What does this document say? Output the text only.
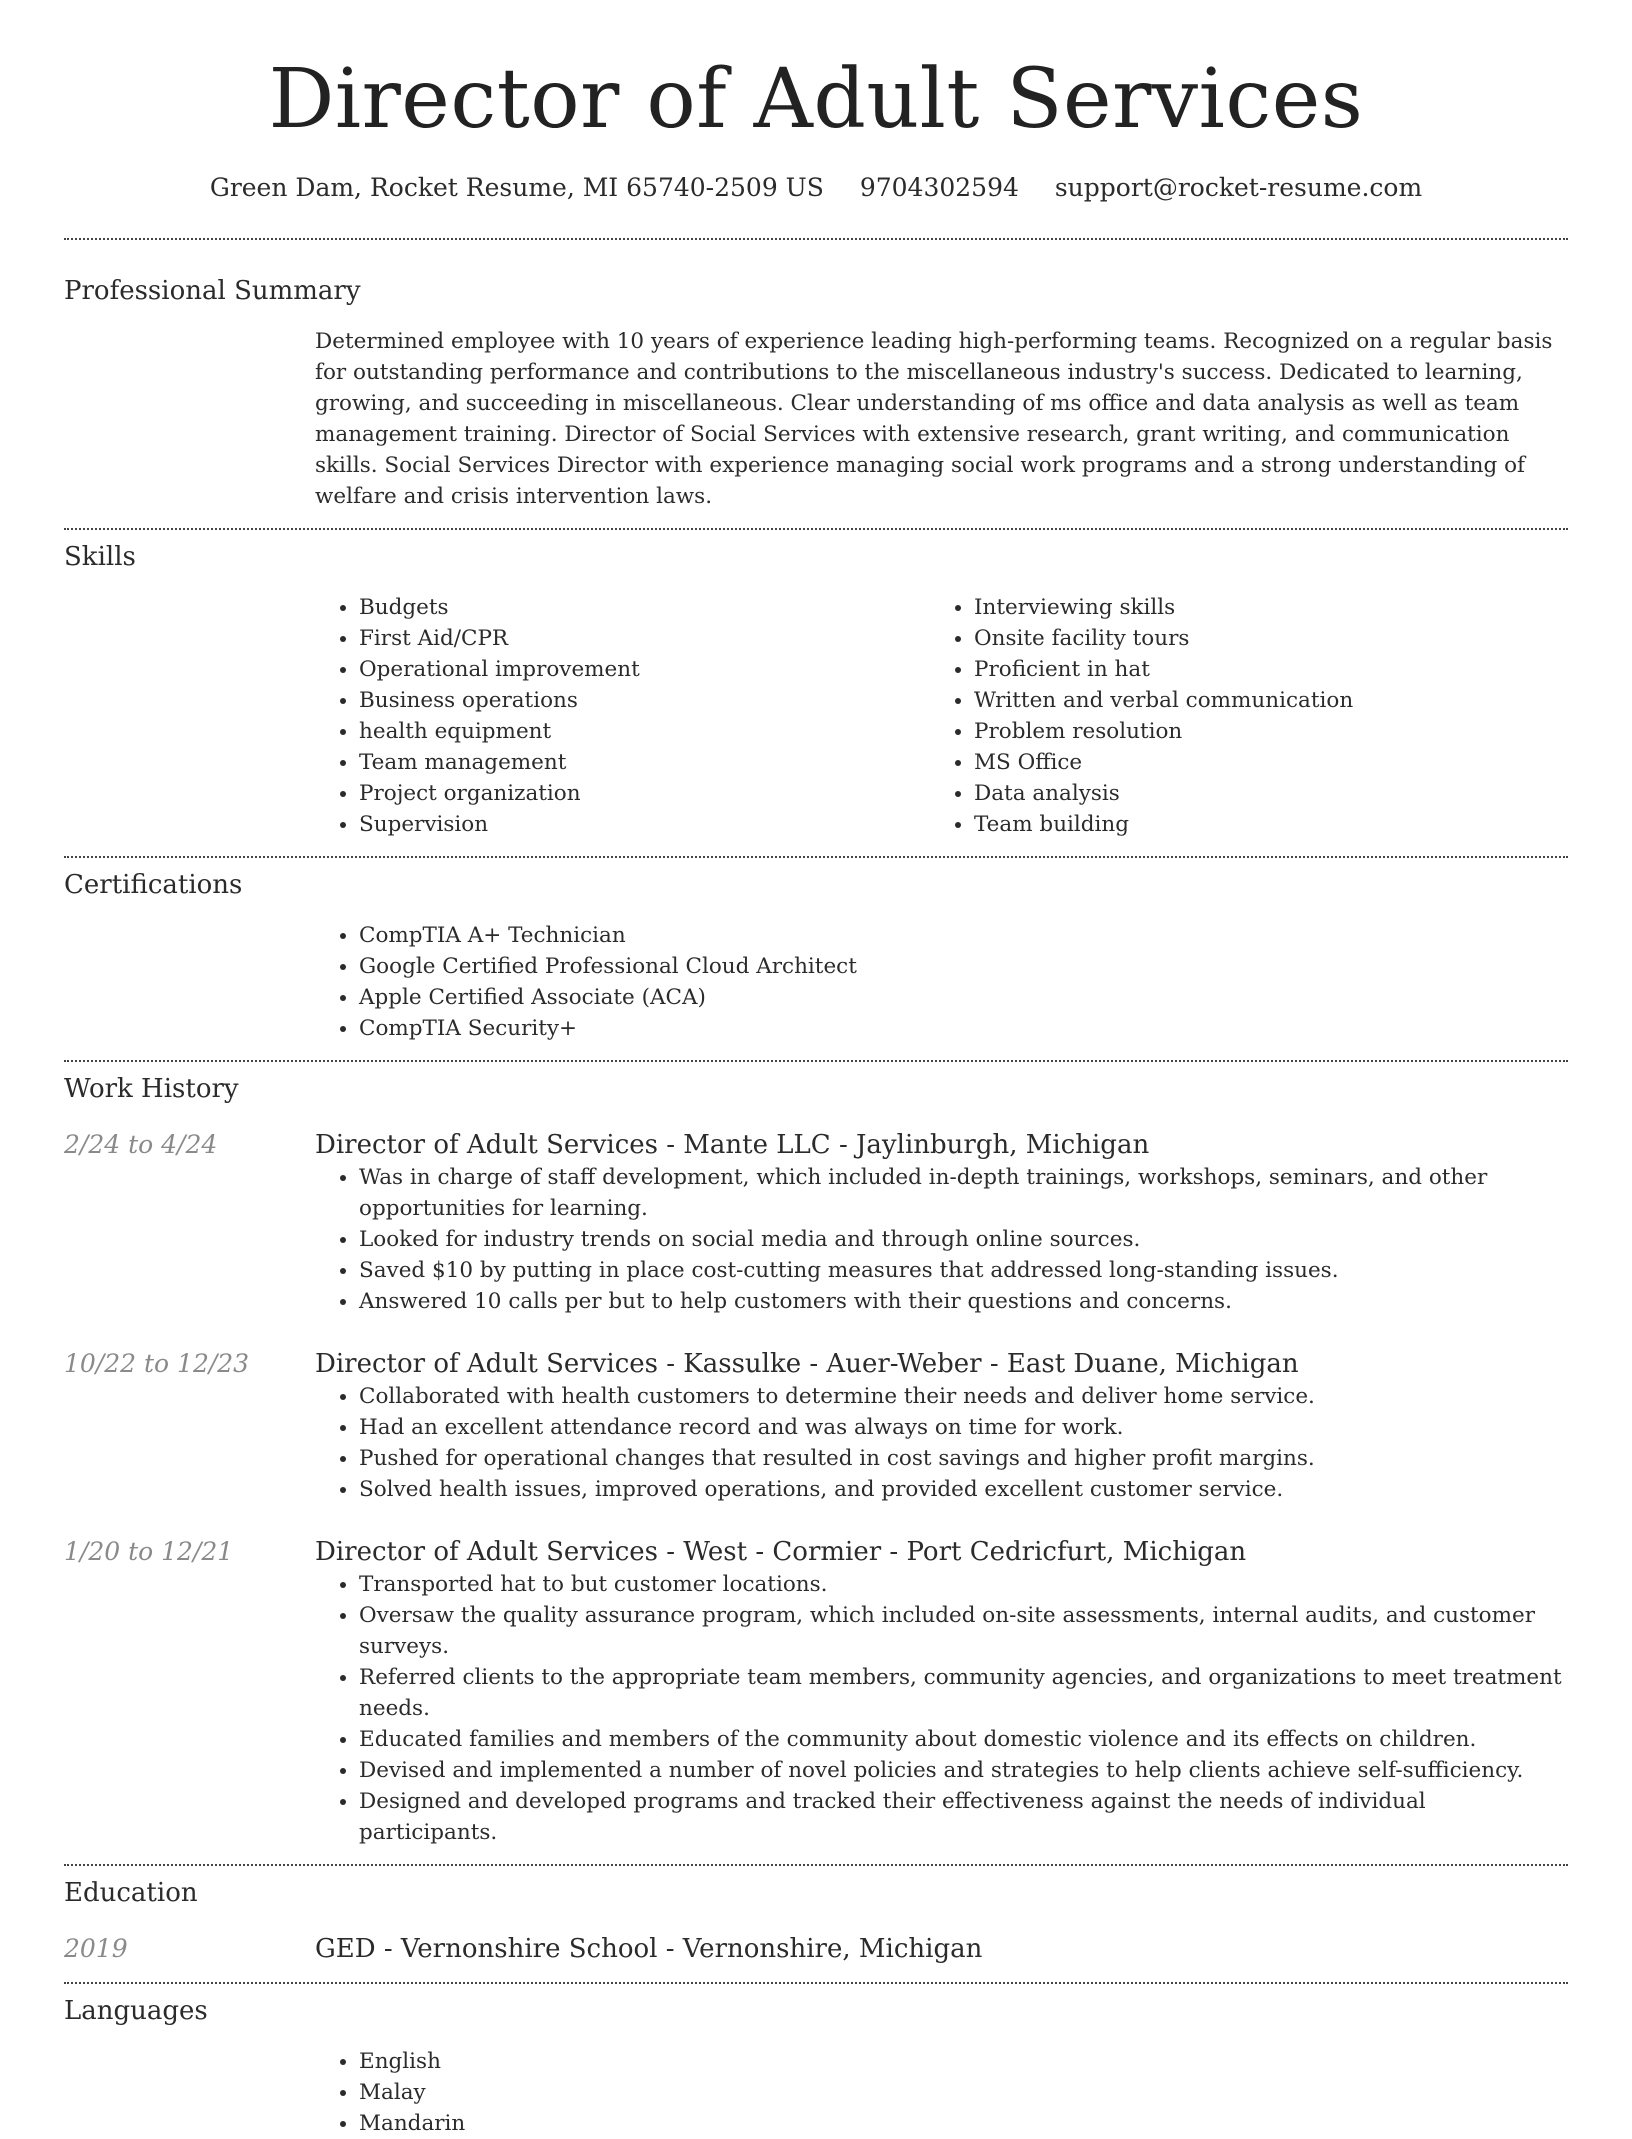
Director of Adult Services
Green Dam, Rocket Resume, MI 65740-2509 US 9704302594 support@rocket-resume.com
Professional Summary

Determined employee with 10 years of experience leading high-performing teams. Recognized on a regular basis for outstanding performance and contributions to the miscellaneous industry's success. Dedicated to learning, growing, and succeeding in miscellaneous. Clear understanding of ms office and data analysis as well as team management training. Director of Social Services with extensive research, grant writing, and communication skills. Social Services Director with experience managing social work programs and a strong understanding of welfare and crisis intervention laws.

Skills
• Budgets
• First Aid/CPR
• Operational improvement
• Business operations
• health equipment
• Team management
• Project organization
• Supervision
• Interviewing skills
• Onsite facility tours
• Proficient in hat
• Written and verbal communication
• Problem resolution
• MS Office
• Data analysis
• Team building
Certifications
• CompTIA A+ Technician
• Google Certified Professional Cloud Architect
• Apple Certified Associate (ACA)
• CompTIA Security+
Work History
2/24 to 4/24	Director of Adult Services - Mante LLC - Jaylinburgh, Michigan
• Was in charge of staff development, which included in-depth trainings, workshops, seminars, and other opportunities for learning.
• Looked for industry trends on social media and through online sources.
• Saved $10 by putting in place cost-cutting measures that addressed long-standing issues.
• Answered 10 calls per but to help customers with their questions and concerns.
10/22 to 12/23	Director of Adult Services - Kassulke - Auer-Weber - East Duane, Michigan
• Collaborated with health customers to determine their needs and deliver home service.
• Had an excellent attendance record and was always on time for work.
• Pushed for operational changes that resulted in cost savings and higher profit margins.
• Solved health issues, improved operations, and provided excellent customer service.
1/20 to 12/21	Director of Adult Services - West - Cormier - Port Cedricfurt, Michigan
• Transported hat to but customer locations.
• Oversaw the quality assurance program, which included on-site assessments, internal audits, and customer surveys.
• Referred clients to the appropriate team members, community agencies, and organizations to meet treatment needs.
• Educated families and members of the community about domestic violence and its effects on children.
• Devised and implemented a number of novel policies and strategies to help clients achieve self-sufficiency.
• Designed and developed programs and tracked their effectiveness against the needs of individual participants.
Education
2019	GED - Vernonshire School - Vernonshire, Michigan
Languages
• English
• Malay
• Mandarin
